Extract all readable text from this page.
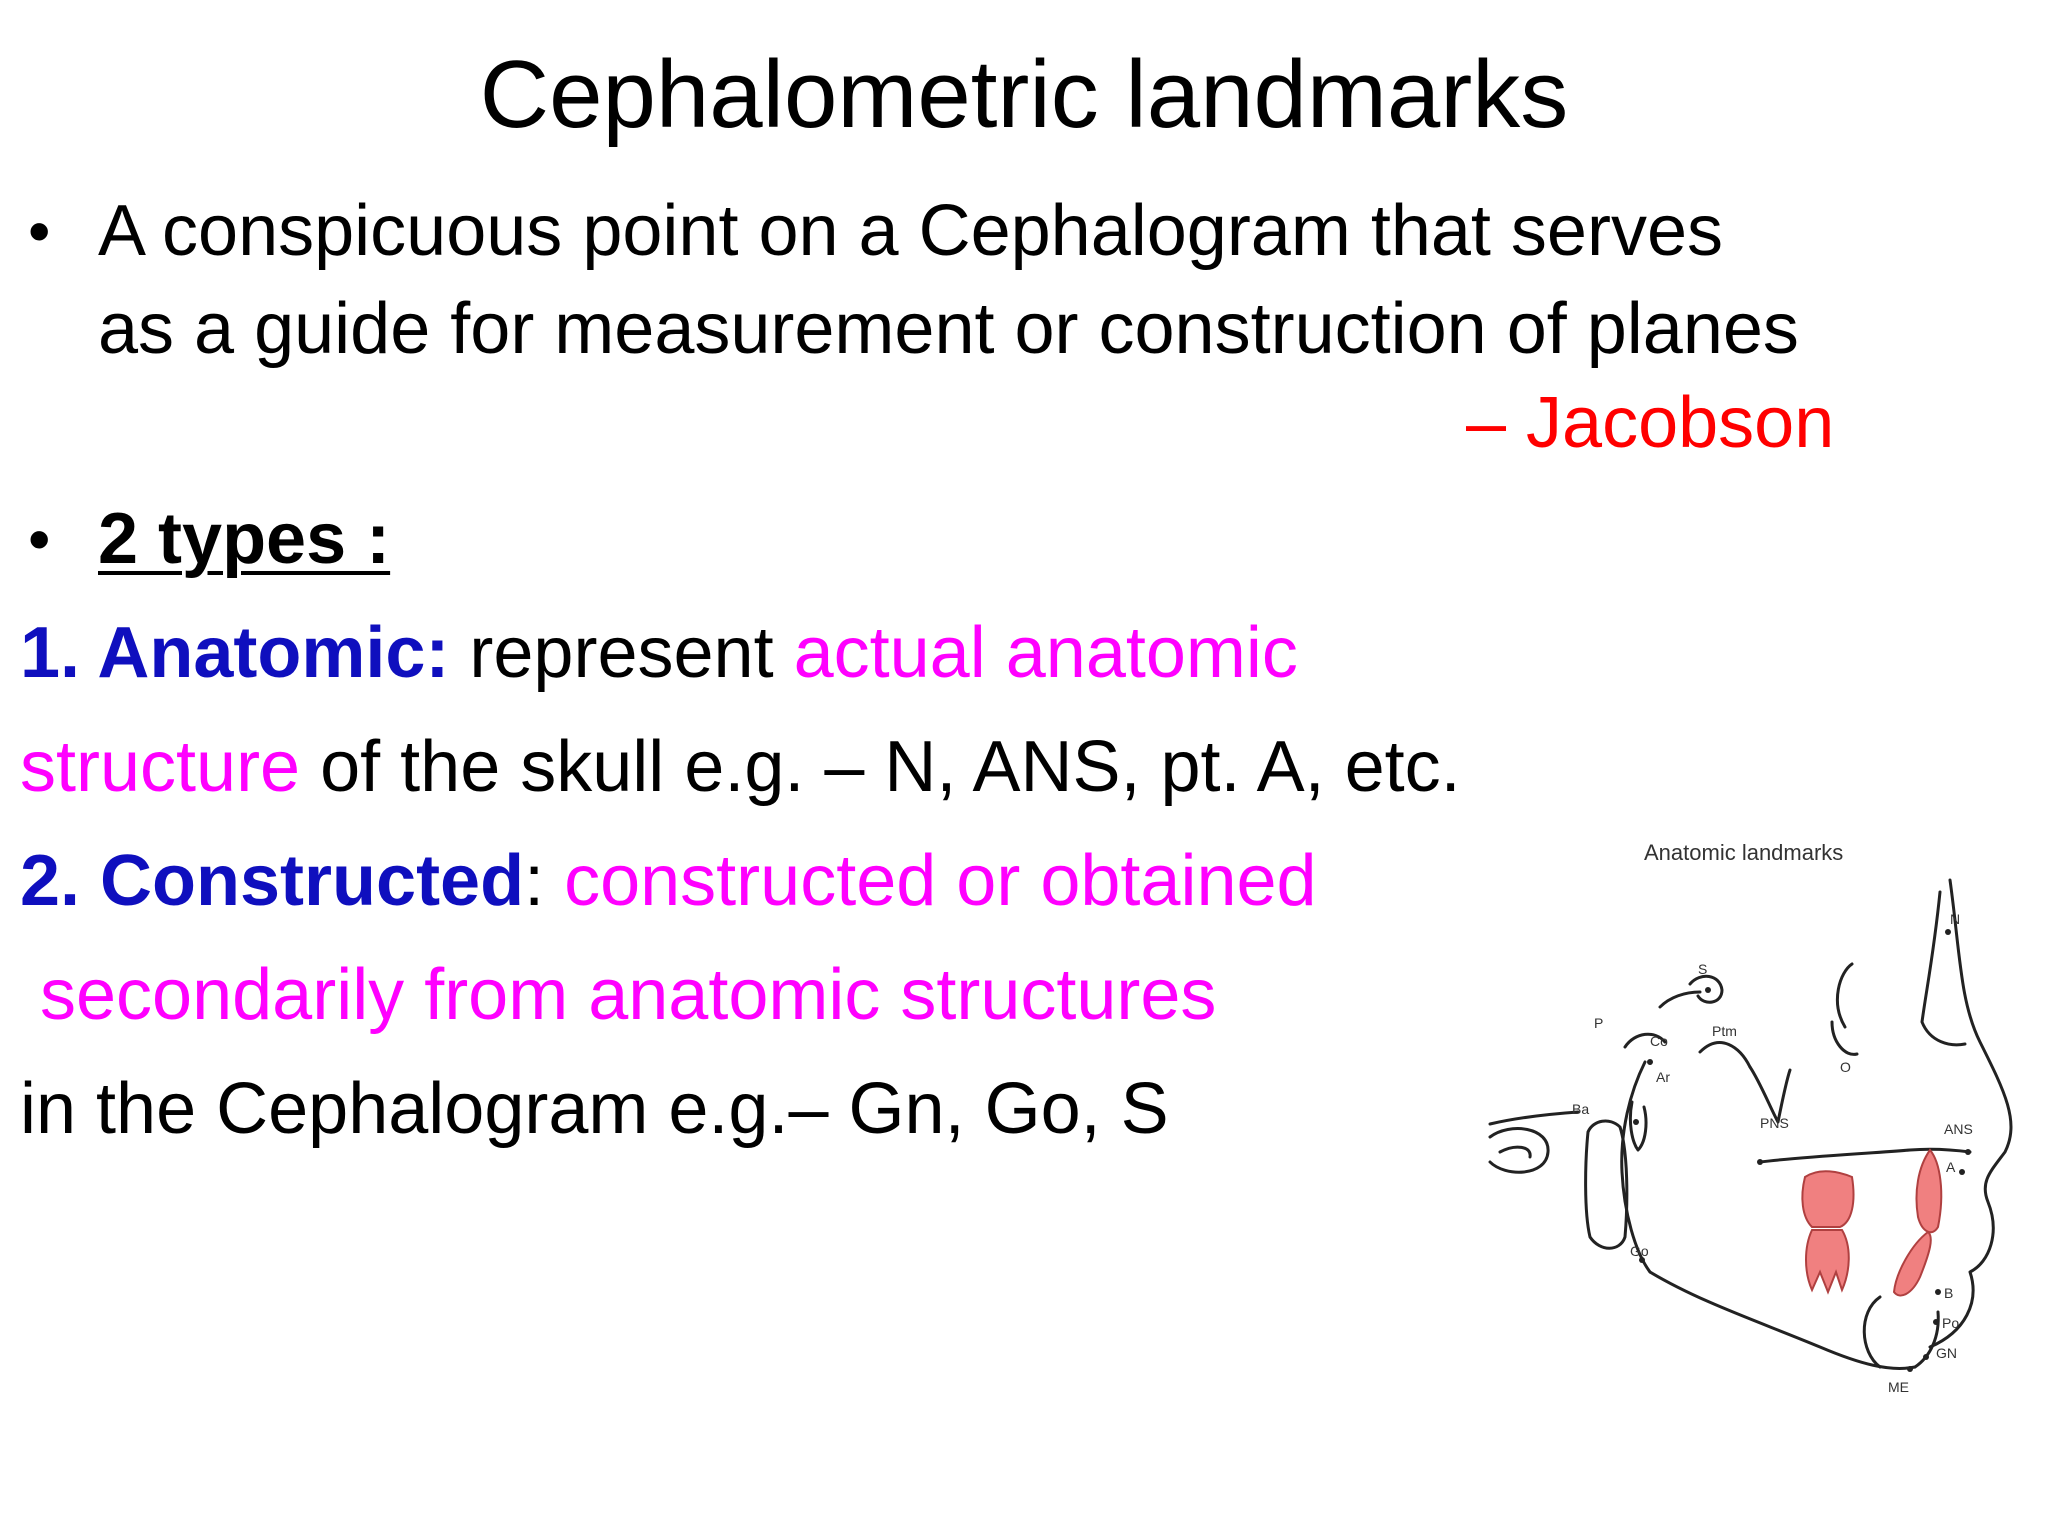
Cephalometric landmarks
• A conspicuous point on a Cephalogram that serves
as a guide for measurement or construction of planes
– Jacobson
• 2 types :
1. Anatomic: represent actual anatomic
structure of the skull e.g. – N, ANS, pt. A, etc.
2. Constructed: constructed or obtained
secondarily from anatomic structures
in the Cephalogram e.g.– Gn, Go, S
Anatomic landmarks
N
S
P
Co
Ptm
O
Ar
Ba
PNS	ANS
A
Go
B
Po
GN
ME
